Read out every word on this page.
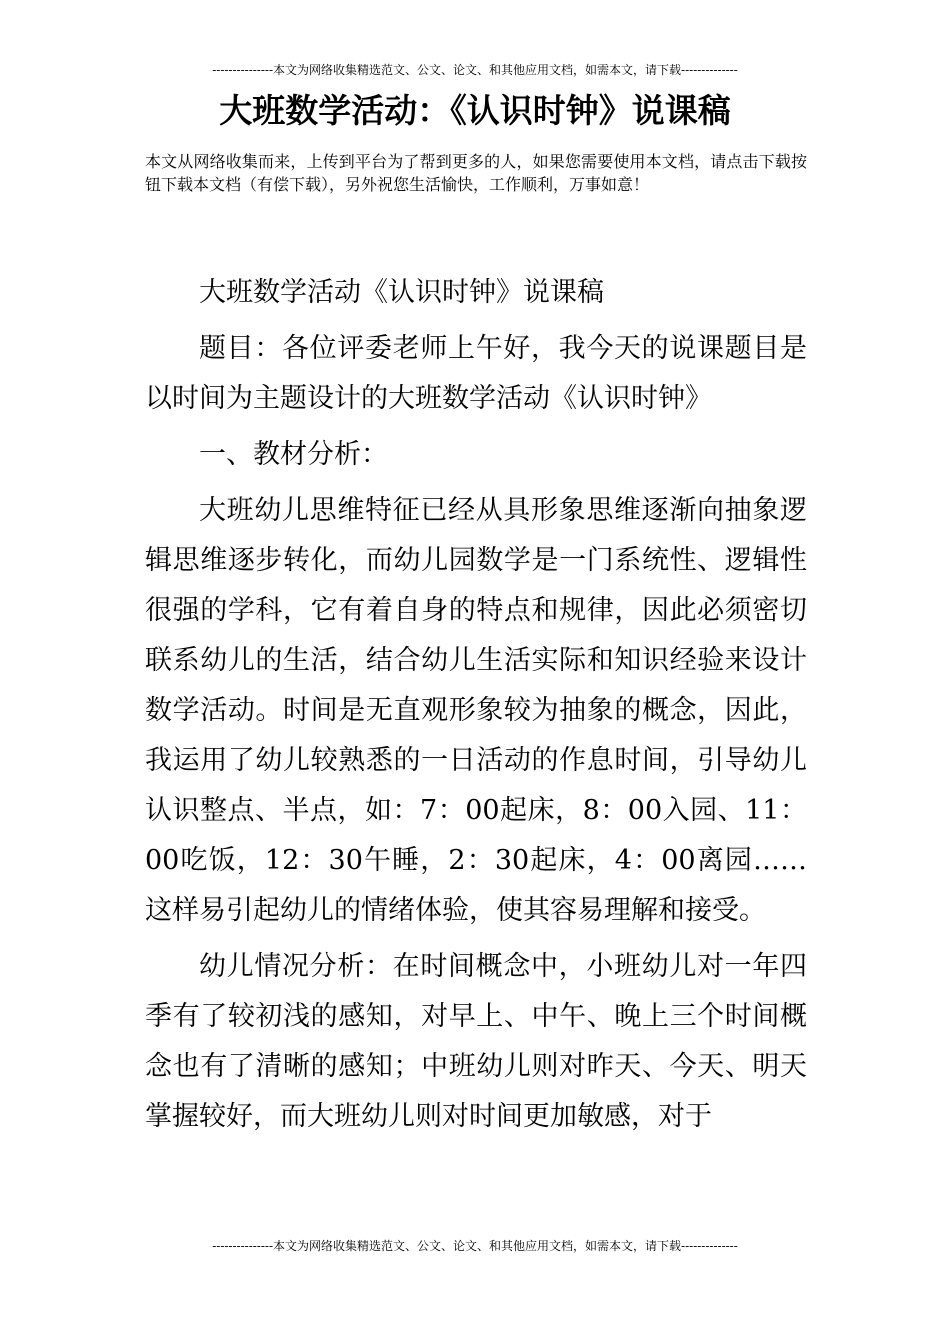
---------------本文为网络收集精选范文、公文、论文、和其他应用文档，如需本文，请下载--------------
大班数学活动：《认识时钟》说课稿

本文从网络收集而来，上传到平台为了帮到更多的人，如果您需要使用本文档，请点击下载按钮下载本文档（有偿下载），另外祝您生活愉快，工作顺利，万事如意！

大班数学活动《认识时钟》说课稿

题目：各位评委老师上午好，我今天的说课题目是以时间为主题设计的大班数学活动《认识时钟》

一、教材分析：

大班幼儿思维特征已经从具形象思维逐渐向抽象逻辑思维逐步转化，而幼儿园数学是一门系统性、逻辑性很强的学科，它有着自身的特点和规律，因此必须密切联系幼儿的生活，结合幼儿生活实际和知识经验来设计数学活动。时间是无直观形象较为抽象的概念，因此，我运用了幼儿较熟悉的一日活动的作息时间，引导幼儿认识整点、半点，如：7：00起床，8：00入园、11：00吃饭，12：30午睡，2：30起床，4：00离园……这样易引起幼儿的情绪体验，使其容易理解和接受。

幼儿情况分析：在时间概念中，小班幼儿对一年四季有了较初浅的感知，对早上、中午、晚上三个时间概念也有了清晰的感知；中班幼儿则对昨天、今天、明天掌握较好，而大班幼儿则对时间更加敏感，对于

---------------本文为网络收集精选范文、公文、论文、和其他应用文档，如需本文，请下载--------------
